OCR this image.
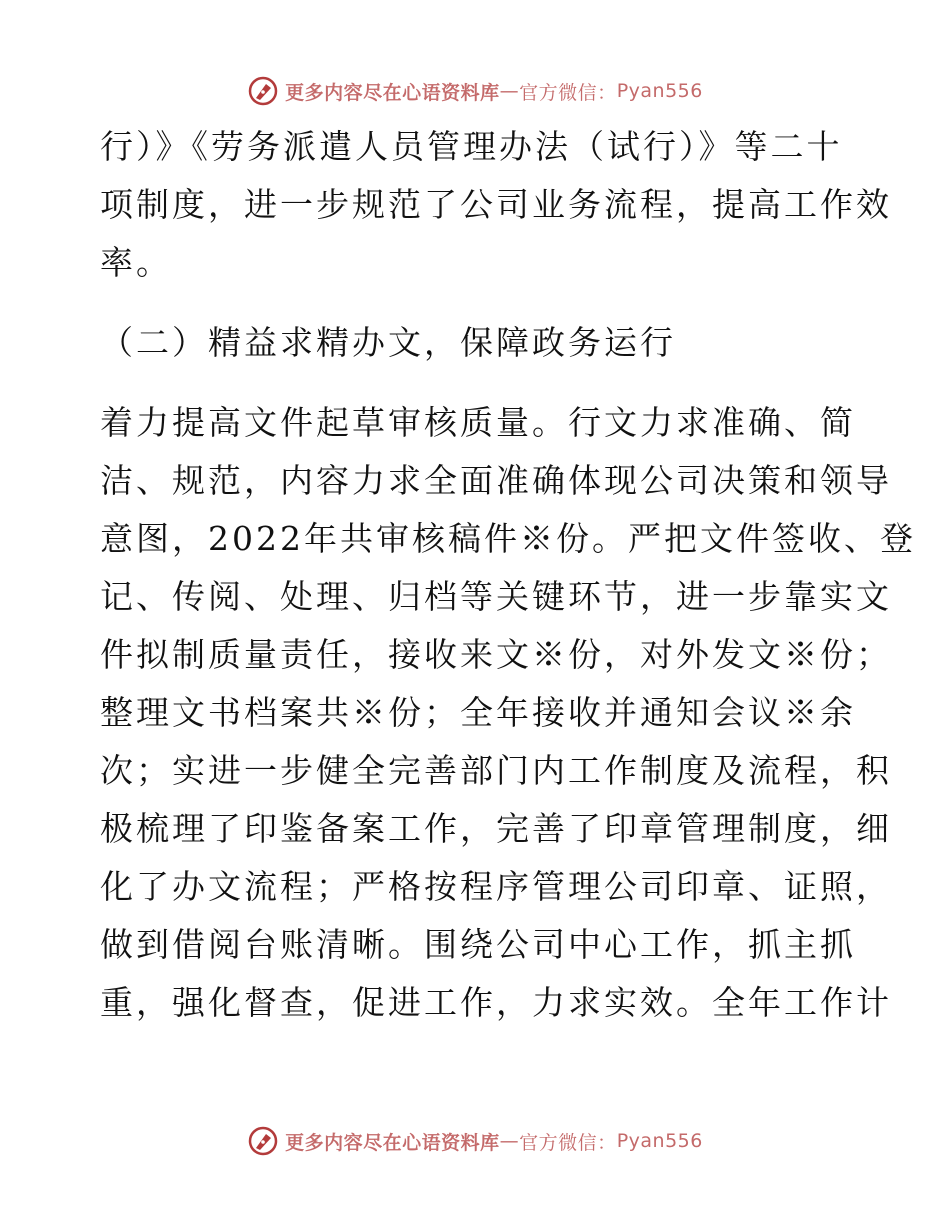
更多内容尽在心语资料库 — 官方微信： Pyan556
行）》《劳务派遣人员管理办法（试行）》等二十
项制度，进一步规范了公司业务流程，提高工作效
率。
（二）精益求精办文，保障政务运行
着力提高文件起草审核质量。行文力求准确、简
洁、规范，内容力求全面准确体现公司决策和领导
意图，2022年共审核稿件※份。严把文件签收、登
记、传阅、处理、归档等关键环节，进一步靠实文
件拟制质量责任，接收来文※份，对外发文※份；
整理文书档案共※份；全年接收并通知会议※余
次；实进一步健全完善部门内工作制度及流程，积
极梳理了印鉴备案工作，完善了印章管理制度，细
化了办文流程；严格按程序管理公司印章、证照，
做到借阅台账清晰。围绕公司中心工作，抓主抓
重，强化督查，促进工作，力求实效。全年工作计
更多内容尽在心语资料库 — 官方微信： Pyan556
